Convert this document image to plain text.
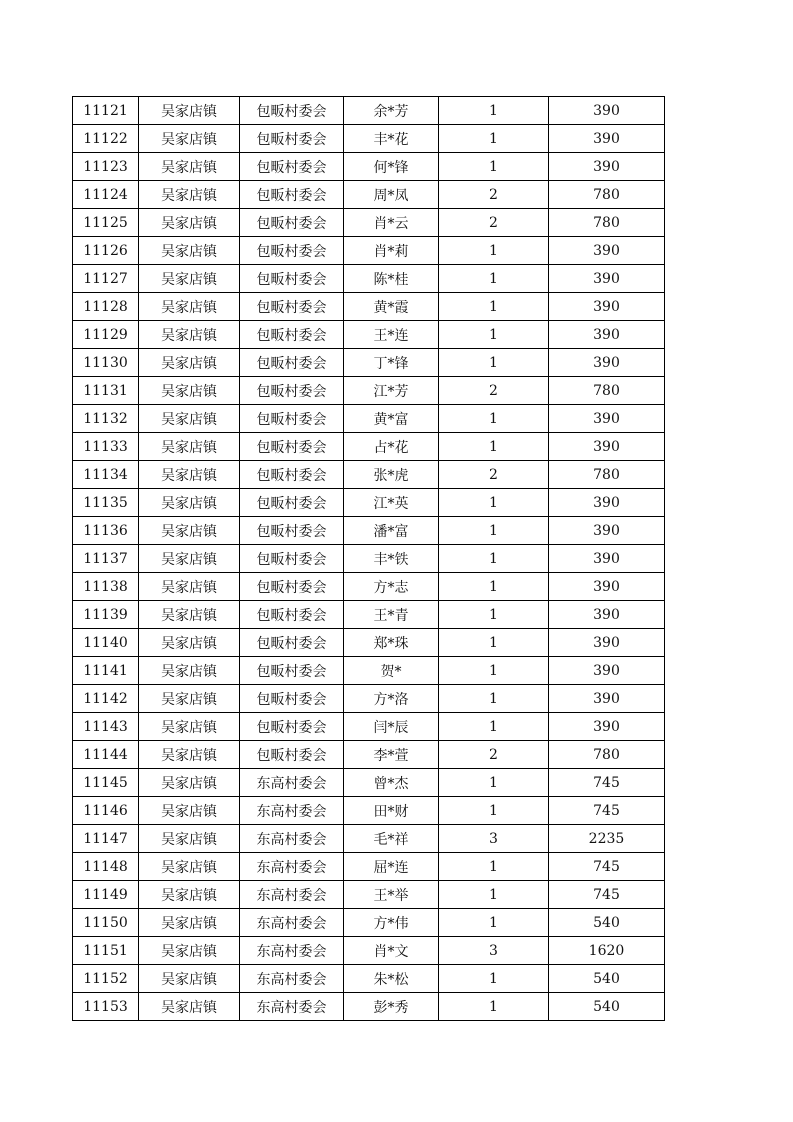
11121	吴家店镇	包畈村委会	余*芳	1	390
11122	吴家店镇	包畈村委会	丰*花	1	390
11123	吴家店镇	包畈村委会	何*锋	1	390
11124	吴家店镇	包畈村委会	周*凤	2	780
11125	吴家店镇	包畈村委会	肖*云	2	780
11126	吴家店镇	包畈村委会	肖*莉	1	390
11127	吴家店镇	包畈村委会	陈*桂	1	390
11128	吴家店镇	包畈村委会	黄*霞	1	390
11129	吴家店镇	包畈村委会	王*连	1	390
11130	吴家店镇	包畈村委会	丁*锋	1	390
11131	吴家店镇	包畈村委会	江*芳	2	780
11132	吴家店镇	包畈村委会	黄*富	1	390
11133	吴家店镇	包畈村委会	占*花	1	390
11134	吴家店镇	包畈村委会	张*虎	2	780
11135	吴家店镇	包畈村委会	江*英	1	390
11136	吴家店镇	包畈村委会	潘*富	1	390
11137	吴家店镇	包畈村委会	丰*铁	1	390
11138	吴家店镇	包畈村委会	方*志	1	390
11139	吴家店镇	包畈村委会	王*青	1	390
11140	吴家店镇	包畈村委会	郑*珠	1	390
11141	吴家店镇	包畈村委会	贺*	1	390
11142	吴家店镇	包畈村委会	方*洛	1	390
11143	吴家店镇	包畈村委会	闫*辰	1	390
11144	吴家店镇	包畈村委会	李*萱	2	780
11145	吴家店镇	东高村委会	曾*杰	1	745
11146	吴家店镇	东高村委会	田*财	1	745
11147	吴家店镇	东高村委会	毛*祥	3	2235
11148	吴家店镇	东高村委会	屈*连	1	745
11149	吴家店镇	东高村委会	王*举	1	745
11150	吴家店镇	东高村委会	方*伟	1	540
11151	吴家店镇	东高村委会	肖*文	3	1620
11152	吴家店镇	东高村委会	朱*松	1	540
11153	吴家店镇	东高村委会	彭*秀	1	540
